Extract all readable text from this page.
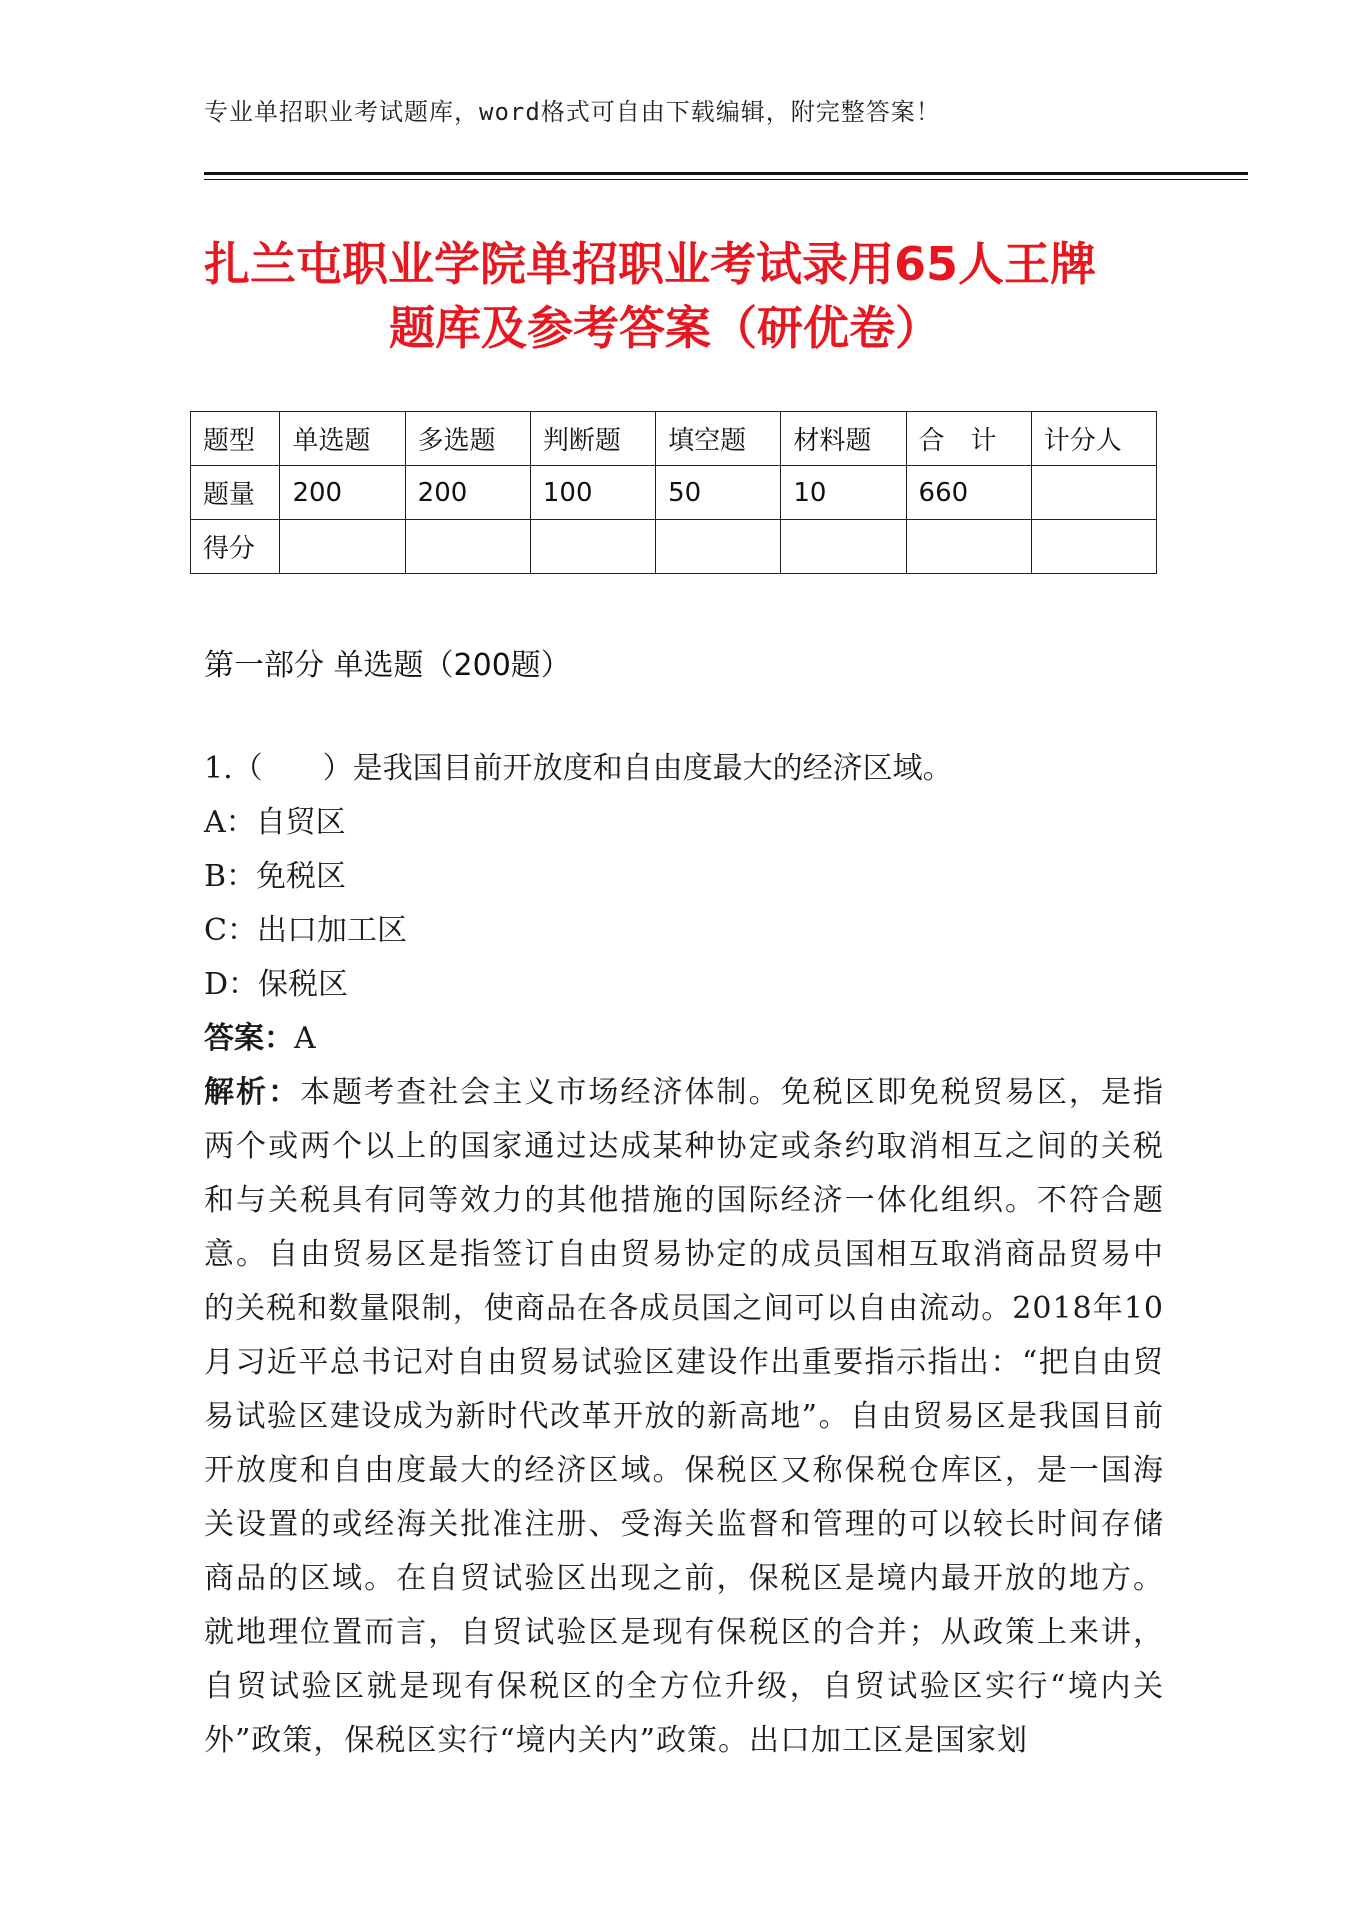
专业单招职业考试题库，word格式可自由下载编辑，附完整答案！
扎兰屯职业学院单招职业考试录用65人王牌
题库及参考答案（研优卷）
题型	单选题	多选题	判断题	填空题	材料题	合　计	计分人
题量	200	200	100	50	10	660	
得分							
第一部分 单选题（200题）

1.（　　）是我国目前开放度和自由度最大的经济区域。

A：自贸区

B：免税区

C：出口加工区

D：保税区

答案：A

解析：本题考查社会主义市场经济体制。免税区即免税贸易区，是指两个或两个以上的国家通过达成某种协定或条约取消相互之间的关税和与关税具有同等效力的其他措施的国际经济一体化组织。不符合题意。自由贸易区是指签订自由贸易协定的成员国相互取消商品贸易中的关税和数量限制，使商品在各成员国之间可以自由流动。2018年10月习近平总书记对自由贸易试验区建设作出重要指示指出：“把自由贸易试验区建设成为新时代改革开放的新高地”。自由贸易区是我国目前开放度和自由度最大的经济区域。保税区又称保税仓库区，是一国海关设置的或经海关批准注册、受海关监督和管理的可以较长时间存储商品的区域。在自贸试验区出现之前，保税区是境内最开放的地方。就地理位置而言，自贸试验区是现有保税区的合并；从政策上来讲，自贸试验区就是现有保税区的全方位升级，自贸试验区实行“境内关外”政策，保税区实行“境内关内”政策。出口加工区是国家划
